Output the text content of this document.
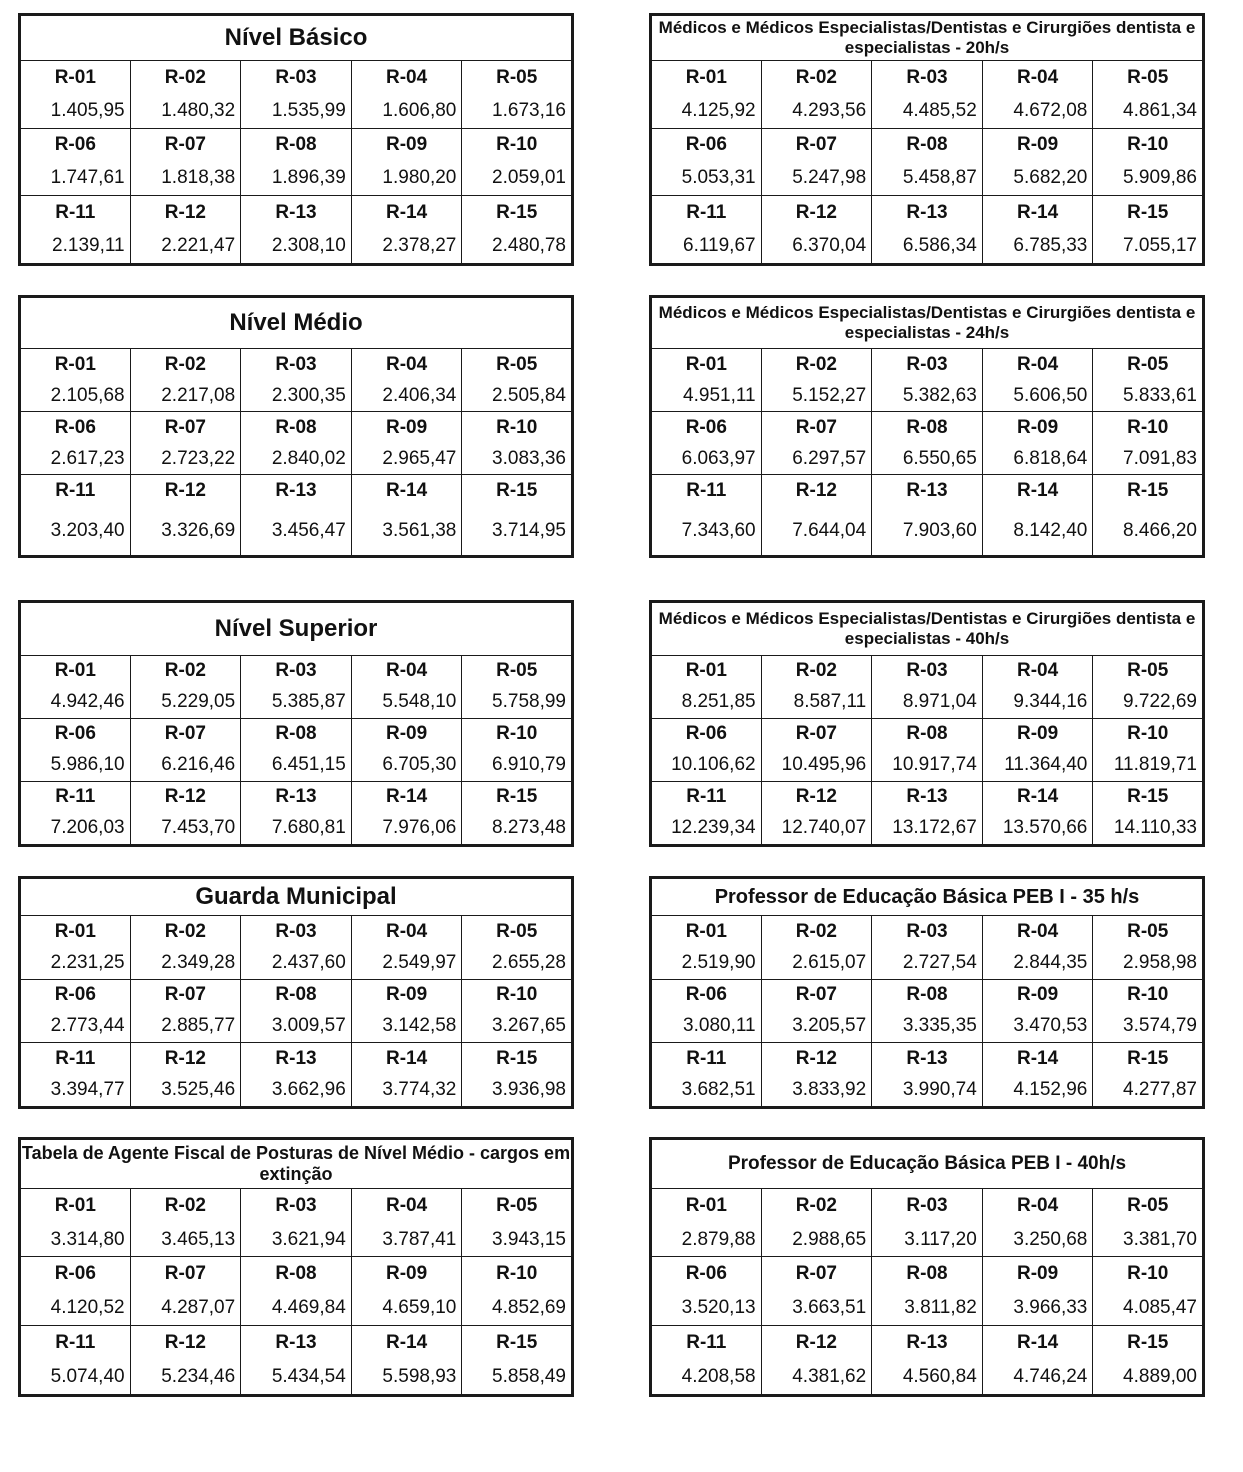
Nível Básico				
R-01	R-02	R-03	R-04	R-05
1.405,95	1.480,32	1.535,99	1.606,80	1.673,16
R-06	R-07	R-08	R-09	R-10
1.747,61	1.818,38	1.896,39	1.980,20	2.059,01
R-11	R-12	R-13	R-14	R-15
2.139,11	2.221,47	2.308,10	2.378,27	2.480,78
Médicos e Médicos Especialistas/Dentistas e Cirurgiões dentista e especialistas - 20h/s				
R-01	R-02	R-03	R-04	R-05
4.125,92	4.293,56	4.485,52	4.672,08	4.861,34
R-06	R-07	R-08	R-09	R-10
5.053,31	5.247,98	5.458,87	5.682,20	5.909,86
R-11	R-12	R-13	R-14	R-15
6.119,67	6.370,04	6.586,34	6.785,33	7.055,17
Nível Médio				
R-01	R-02	R-03	R-04	R-05
2.105,68	2.217,08	2.300,35	2.406,34	2.505,84
R-06	R-07	R-08	R-09	R-10
2.617,23	2.723,22	2.840,02	2.965,47	3.083,36
R-11	R-12	R-13	R-14	R-15
3.203,40	3.326,69	3.456,47	3.561,38	3.714,95
Médicos e Médicos Especialistas/Dentistas e Cirurgiões dentista e especialistas - 24h/s				
R-01	R-02	R-03	R-04	R-05
4.951,11	5.152,27	5.382,63	5.606,50	5.833,61
R-06	R-07	R-08	R-09	R-10
6.063,97	6.297,57	6.550,65	6.818,64	7.091,83
R-11	R-12	R-13	R-14	R-15
7.343,60	7.644,04	7.903,60	8.142,40	8.466,20
Nível Superior				
R-01	R-02	R-03	R-04	R-05
4.942,46	5.229,05	5.385,87	5.548,10	5.758,99
R-06	R-07	R-08	R-09	R-10
5.986,10	6.216,46	6.451,15	6.705,30	6.910,79
R-11	R-12	R-13	R-14	R-15
7.206,03	7.453,70	7.680,81	7.976,06	8.273,48
Médicos e Médicos Especialistas/Dentistas e Cirurgiões dentista e especialistas - 40h/s				
R-01	R-02	R-03	R-04	R-05
8.251,85	8.587,11	8.971,04	9.344,16	9.722,69
R-06	R-07	R-08	R-09	R-10
10.106,62	10.495,96	10.917,74	11.364,40	11.819,71
R-11	R-12	R-13	R-14	R-15
12.239,34	12.740,07	13.172,67	13.570,66	14.110,33
Guarda Municipal				
R-01	R-02	R-03	R-04	R-05
2.231,25	2.349,28	2.437,60	2.549,97	2.655,28
R-06	R-07	R-08	R-09	R-10
2.773,44	2.885,77	3.009,57	3.142,58	3.267,65
R-11	R-12	R-13	R-14	R-15
3.394,77	3.525,46	3.662,96	3.774,32	3.936,98
Professor de Educação Básica PEB I - 35 h/s				
R-01	R-02	R-03	R-04	R-05
2.519,90	2.615,07	2.727,54	2.844,35	2.958,98
R-06	R-07	R-08	R-09	R-10
3.080,11	3.205,57	3.335,35	3.470,53	3.574,79
R-11	R-12	R-13	R-14	R-15
3.682,51	3.833,92	3.990,74	4.152,96	4.277,87
Tabela de Agente Fiscal de Posturas de Nível Médio - cargos em extinção				
R-01	R-02	R-03	R-04	R-05
3.314,80	3.465,13	3.621,94	3.787,41	3.943,15
R-06	R-07	R-08	R-09	R-10
4.120,52	4.287,07	4.469,84	4.659,10	4.852,69
R-11	R-12	R-13	R-14	R-15
5.074,40	5.234,46	5.434,54	5.598,93	5.858,49
Professor de Educação Básica PEB I - 40h/s				
R-01	R-02	R-03	R-04	R-05
2.879,88	2.988,65	3.117,20	3.250,68	3.381,70
R-06	R-07	R-08	R-09	R-10
3.520,13	3.663,51	3.811,82	3.966,33	4.085,47
R-11	R-12	R-13	R-14	R-15
4.208,58	4.381,62	4.560,84	4.746,24	4.889,00
